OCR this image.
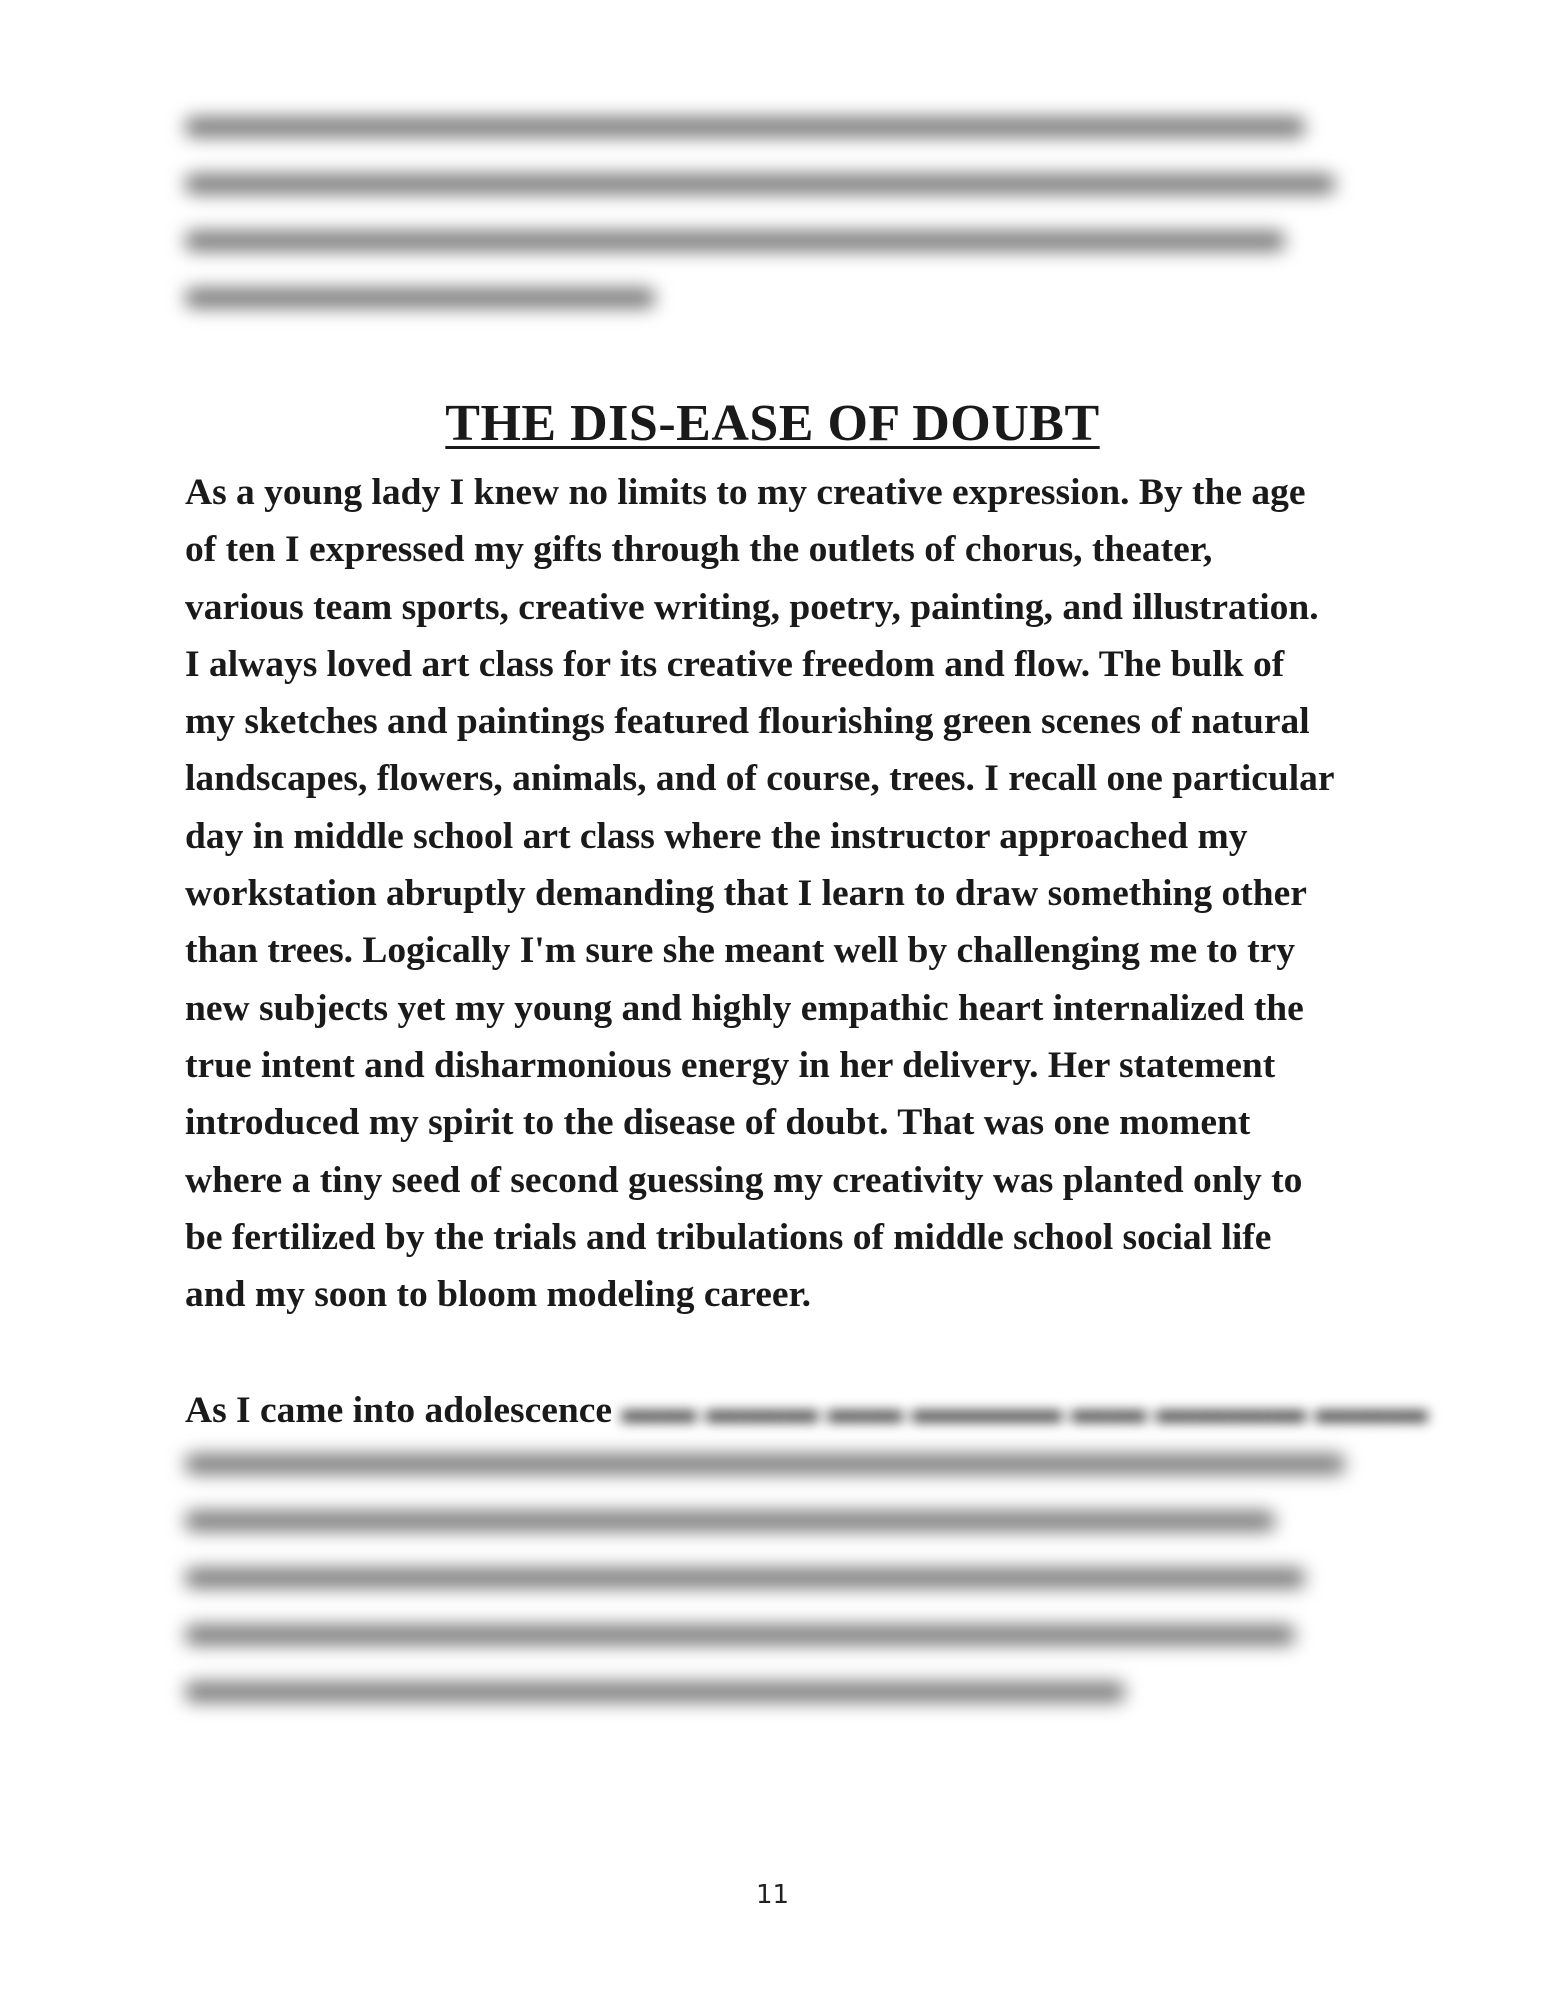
THE DIS-EASE OF DOUBT
As a young lady I knew no limits to my creative expression. By the age
of ten I expressed my gifts through the outlets of chorus, theater,
various team sports, creative writing, poetry, painting, and illustration.
I always loved art class for its creative freedom and flow. The bulk of
my sketches and paintings featured flourishing green scenes of natural
landscapes, flowers, animals, and of course, trees. I recall one particular
day in middle school art class where the instructor approached my
workstation abruptly demanding that I learn to draw something other
than trees. Logically I'm sure she meant well by challenging me to try
new subjects yet my young and highly empathic heart internalized the
true intent and disharmonious energy in her delivery. Her statement
introduced my spirit to the disease of doubt. That was one moment
where a tiny seed of second guessing my creativity was planted only to
be fertilized by the trials and tribulations of middle school social life
and my soon to bloom modeling career.
As I came into adolescence ▬▬ ▬▬▬ ▬▬ ▬▬▬▬ ▬▬ ▬▬▬▬ ▬▬▬
11
